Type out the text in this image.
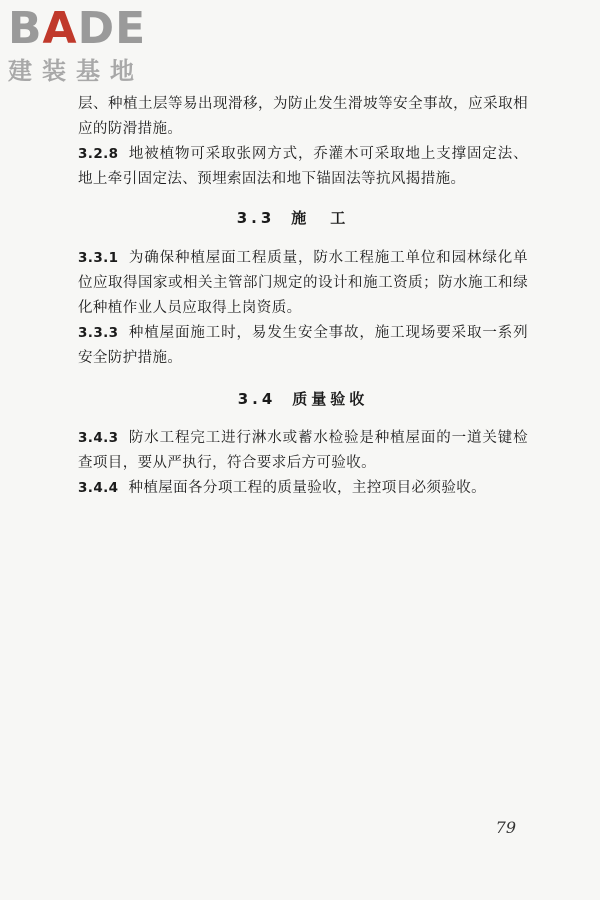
B A D E
建装基地

层、种植土层等易出现滑移，为防止发生滑坡等安全事故，应采取相应的防滑措施。

3.2.8 地被植物可采取张网方式，乔灌木可采取地上支撑固定法、地上牵引固定法、预埋索固法和地下锚固法等抗风揭措施。

3.3 施工

3.3.1 为确保种植屋面工程质量，防水工程施工单位和园林绿化单位应取得国家或相关主管部门规定的设计和施工资质；防水施工和绿化种植作业人员应取得上岗资质。

3.3.3 种植屋面施工时，易发生安全事故，施工现场要采取一系列安全防护措施。

3.4 质量验收

3.4.3 防水工程完工进行淋水或蓄水检验是种植屋面的一道关键检查项目，要从严执行，符合要求后方可验收。

3.4.4 种植屋面各分项工程的质量验收，主控项目必须验收。

79
